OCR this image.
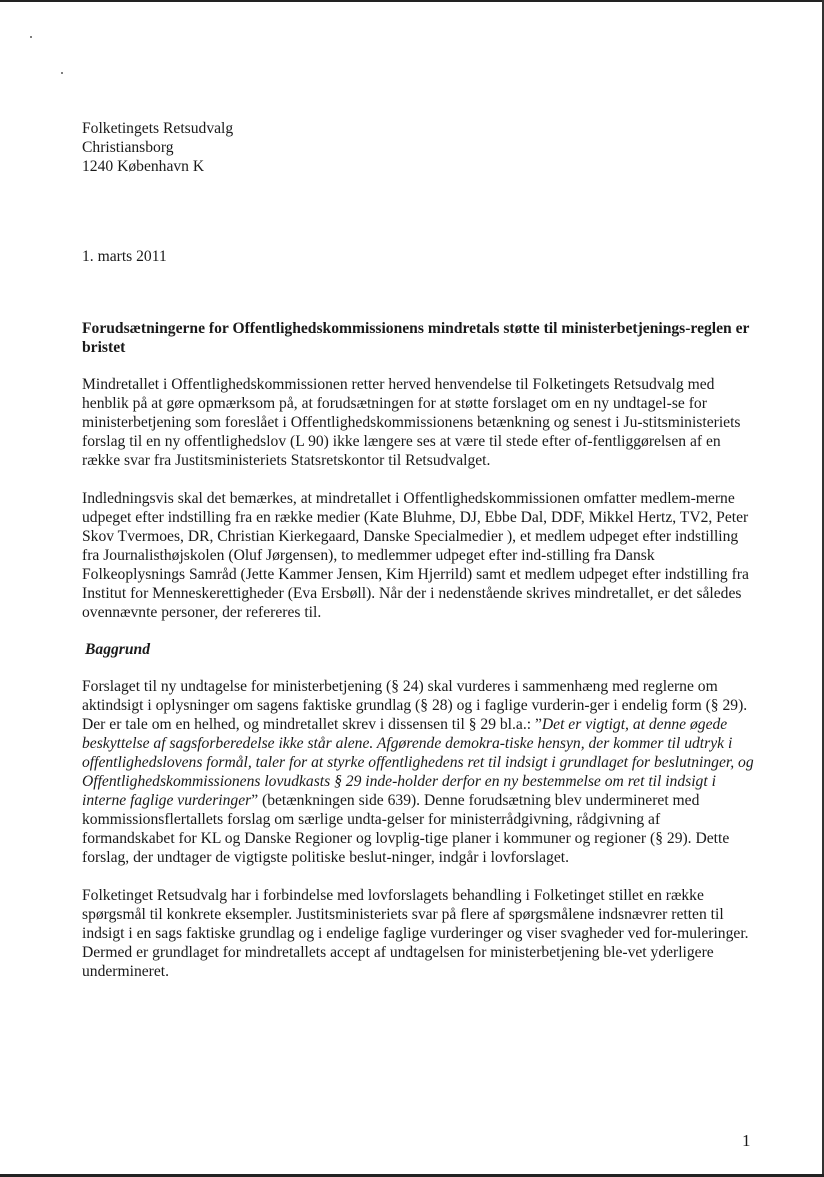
Folketingets Retsudvalg

Christiansborg

1240 København K

1. marts 2011

Forudsætningerne for Offentlighedskommissionens mindretals støtte til ministerbetjenings-reglen er bristet

Mindretallet i Offentlighedskommissionen retter herved henvendelse til Folketingets Retsudvalg med henblik på at gøre opmærksom på, at forudsætningen for at støtte forslaget om en ny undtagel-se for ministerbetjening som foreslået i Offentlighedskommissionens betænkning og senest i Ju-stitsministeriets forslag til en ny offentlighedslov (L 90) ikke længere ses at være til stede efter of-fentliggørelsen af en række svar fra Justitsministeriets Statsretskontor til Retsudvalget.

Indledningsvis skal det bemærkes, at mindretallet i Offentlighedskommissionen omfatter medlem-merne udpeget efter indstilling fra en række medier (Kate Bluhme, DJ, Ebbe Dal, DDF, Mikkel Hertz, TV2, Peter Skov Tvermoes, DR, Christian Kierkegaard, Danske Specialmedier ), et medlem udpeget efter indstilling fra Journalisthøjskolen (Oluf Jørgensen), to medlemmer udpeget efter ind-stilling fra Dansk Folkeoplysnings Samråd (Jette Kammer Jensen, Kim Hjerrild) samt et medlem udpeget efter indstilling fra Institut for Menneskerettigheder (Eva Ersbøll). Når der i nedenstående skrives mindretallet, er det således ovennævnte personer, der refereres til.

Baggrund

Forslaget til ny undtagelse for ministerbetjening (§ 24) skal vurderes i sammenhæng med reglerne om aktindsigt i oplysninger om sagens faktiske grundlag (§ 28) og i faglige vurderin-ger i endelig form (§ 29). Der er tale om en helhed, og mindretallet skrev i dissensen til § 29 bl.a.: ”Det er vigtigt, at denne øgede beskyttelse af sagsforberedelse ikke står alene. Afgørende demokra-tiske hensyn, der kommer til udtryk i offentlighedslovens formål, taler for at styrke offentlighedens ret til indsigt i grundlaget for beslutninger, og Offentlighedskommissionens lovudkasts § 29 inde-holder derfor en ny bestemmelse om ret til indsigt i interne faglige vurderinger” (betænkningen side 639). Denne forudsætning blev undermineret med kommissionsflertallets forslag om særlige undta-gelser for ministerrådgivning, rådgivning af formandskabet for KL og Danske Regioner og lovplig-tige planer i kommuner og regioner (§ 29). Dette forslag, der undtager de vigtigste politiske beslut-ninger, indgår i lovforslaget.

Folketinget Retsudvalg har i forbindelse med lovforslagets behandling i Folketinget stillet en række spørgsmål til konkrete eksempler. Justitsministeriets svar på flere af spørgsmålene indsnævrer retten til indsigt i en sags faktiske grundlag og i endelige faglige vurderinger og viser svagheder ved for-muleringer. Dermed er grundlaget for mindretallets accept af undtagelsen for ministerbetjening ble-vet yderligere undermineret.

1
